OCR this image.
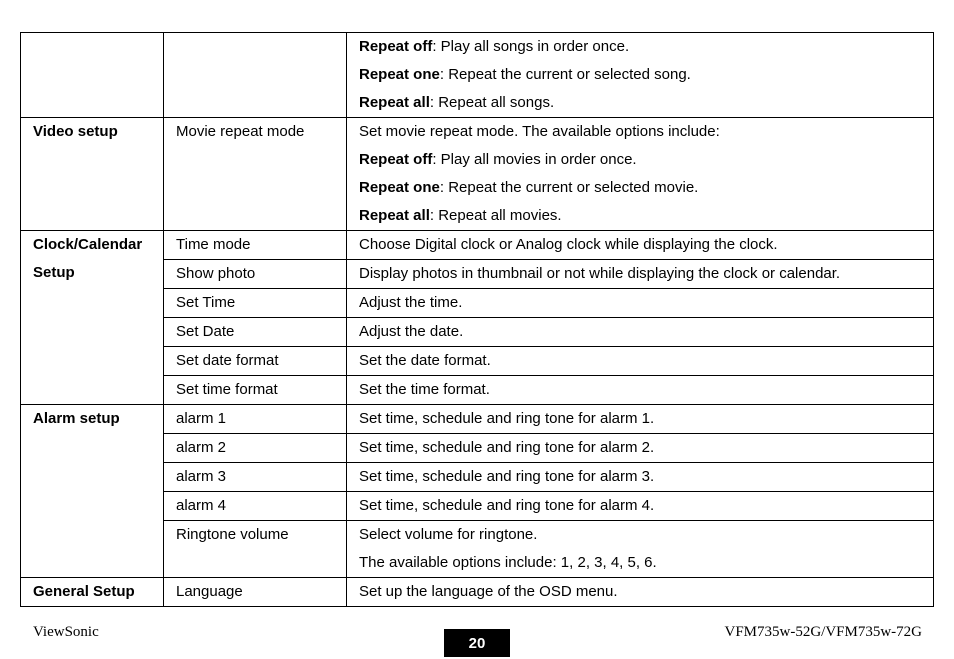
		Repeat off: Play all songs in order once.
Repeat one: Repeat the current or selected song.
Repeat all: Repeat all songs.

Video setup	Movie repeat mode	Set movie repeat mode. The available options include:
Repeat off: Play all movies in order once.
Repeat one: Repeat the current or selected movie.
Repeat all: Repeat all movies.

Clock/Calendar
Setup	Time mode	Choose Digital clock or Analog clock while displaying the clock.

	Show photo	Display photos in thumbnail or not while displaying the clock or calendar.

	Set Time	Adjust the time.

	Set Date	Adjust the date.

	Set date format	Set the date format.

	Set time format	Set the time format.

Alarm setup	alarm 1	Set time, schedule and ring tone for alarm 1.

	alarm 2	Set time, schedule and ring tone for alarm 2.

	alarm 3	Set time, schedule and ring tone for alarm 3.

	alarm 4	Set time, schedule and ring tone for alarm 4.

	Ringtone volume	Select volume for ringtone.
The available options include: 1, 2, 3, 4, 5, 6.

General Setup	Language	Set up the language of the OSD menu.
ViewSonic
20
VFM735w-52G/VFM735w-72G
